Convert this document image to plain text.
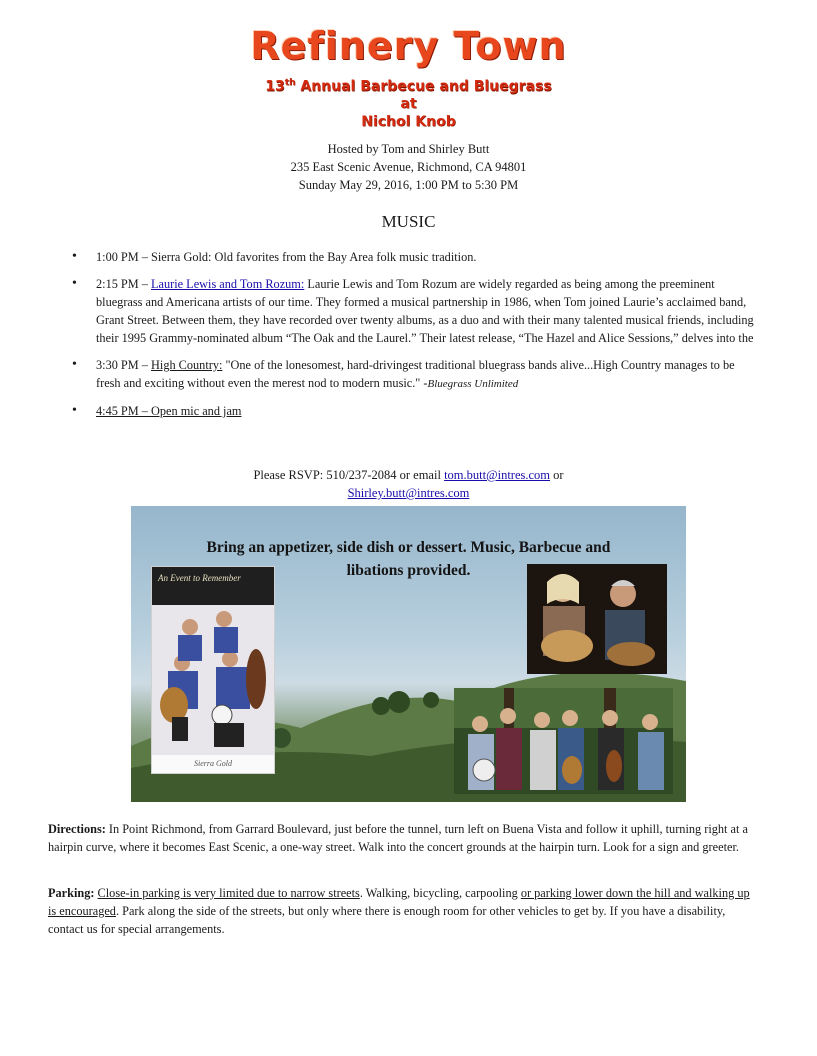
Refinery Town
13th Annual Barbecue and Bluegrass
at
Nichol Knob
Hosted by Tom and Shirley Butt
235 East Scenic Avenue, Richmond, CA 94801
Sunday May 29, 2016, 1:00 PM to 5:30 PM
MUSIC
• 1:00 PM – Sierra Gold: Old favorites from the Bay Area folk music tradition.
• 2:15 PM – Laurie Lewis and Tom Rozum: Laurie Lewis and Tom Rozum are widely regarded as being among the preeminent bluegrass and Americana artists of our time. They formed a musical partnership in 1986, when Tom joined Laurie’s acclaimed band, Grant Street. Between them, they have recorded over twenty albums, as a duo and with their many talented musical friends, including their 1995 Grammy-nominated album “The Oak and the Laurel.” Their latest release, “The Hazel and Alice Sessions,” delves into the
• 3:30 PM – High Country: "One of the lonesomest, hard-drivingest traditional bluegrass bands alive...High Country manages to be fresh and exciting without even the merest nod to modern music." -Bluegrass Unlimited
• 4:45 PM – Open mic and jam
Please RSVP: 510/237-2084 or email tom.butt@intres.com or
Shirley.butt@intres.com
Bring an appetizer, side dish or dessert. Music, Barbecue and
libations provided.
An Event to Remember
Sierra Gold
Directions: In Point Richmond, from Garrard Boulevard, just before the tunnel, turn left on Buena Vista and follow it uphill, turning right at a hairpin curve, where it becomes East Scenic, a one-way street. Walk into the concert grounds at the hairpin turn. Look for a sign and greeter.
Parking: Close-in parking is very limited due to narrow streets. Walking, bicycling, carpooling or parking lower down the hill and walking up is encouraged. Park along the side of the streets, but only where there is enough room for other vehicles to get by. If you have a disability, contact us for special arrangements.
